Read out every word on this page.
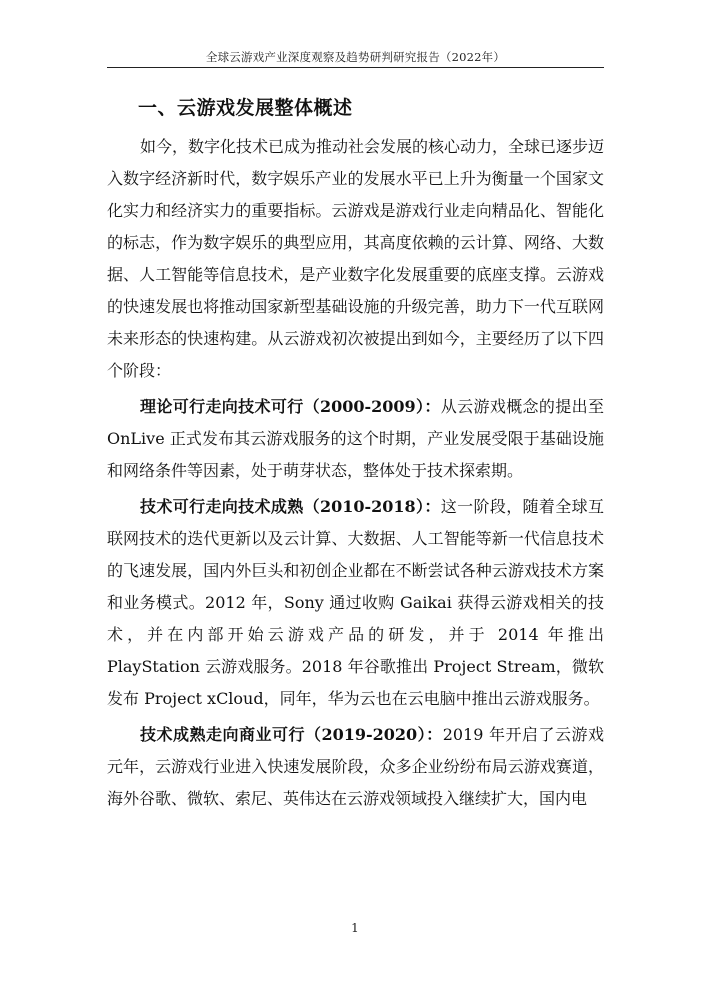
全球云游戏产业深度观察及趋势研判研究报告（2022年）
一、云游戏发展整体概述

如今，数字化技术已成为推动社会发展的核心动力，全球已逐步迈入数字经济新时代，数字娱乐产业的发展水平已上升为衡量一个国家文化实力和经济实力的重要指标。云游戏是游戏行业走向精品化、智能化的标志，作为数字娱乐的典型应用，其高度依赖的云计算、网络、大数据、人工智能等信息技术，是产业数字化发展重要的底座支撑。云游戏的快速发展也将推动国家新型基础设施的升级完善，助力下一代互联网未来形态的快速构建。从云游戏初次被提出到如今，主要经历了以下四个阶段：

理论可行走向技术可行（2000-2009）：从云游戏概念的提出至OnLive 正式发布其云游戏服务的这个时期，产业发展受限于基础设施和网络条件等因素，处于萌芽状态，整体处于技术探索期。

技术可行走向技术成熟（2010-2018）：这一阶段，随着全球互联网技术的迭代更新以及云计算、大数据、人工智能等新一代信息技术的飞速发展，国内外巨头和初创企业都在不断尝试各种云游戏技术方案和业务模式。2012 年，Sony 通过收购 Gaikai 获得云游戏相关的技术，并在内部开始云游戏产品的研发，并于 2014 年推出 PlayStation 云游戏服务。2018 年谷歌推出 Project Stream，微软发布 Project xCloud，同年，华为云也在云电脑中推出云游戏服务。

技术成熟走向商业可行（2019-2020）：2019 年开启了云游戏元年，云游戏行业进入快速发展阶段，众多企业纷纷布局云游戏赛道，海外谷歌、微软、索尼、英伟达在云游戏领域投入继续扩大，国内电

1
